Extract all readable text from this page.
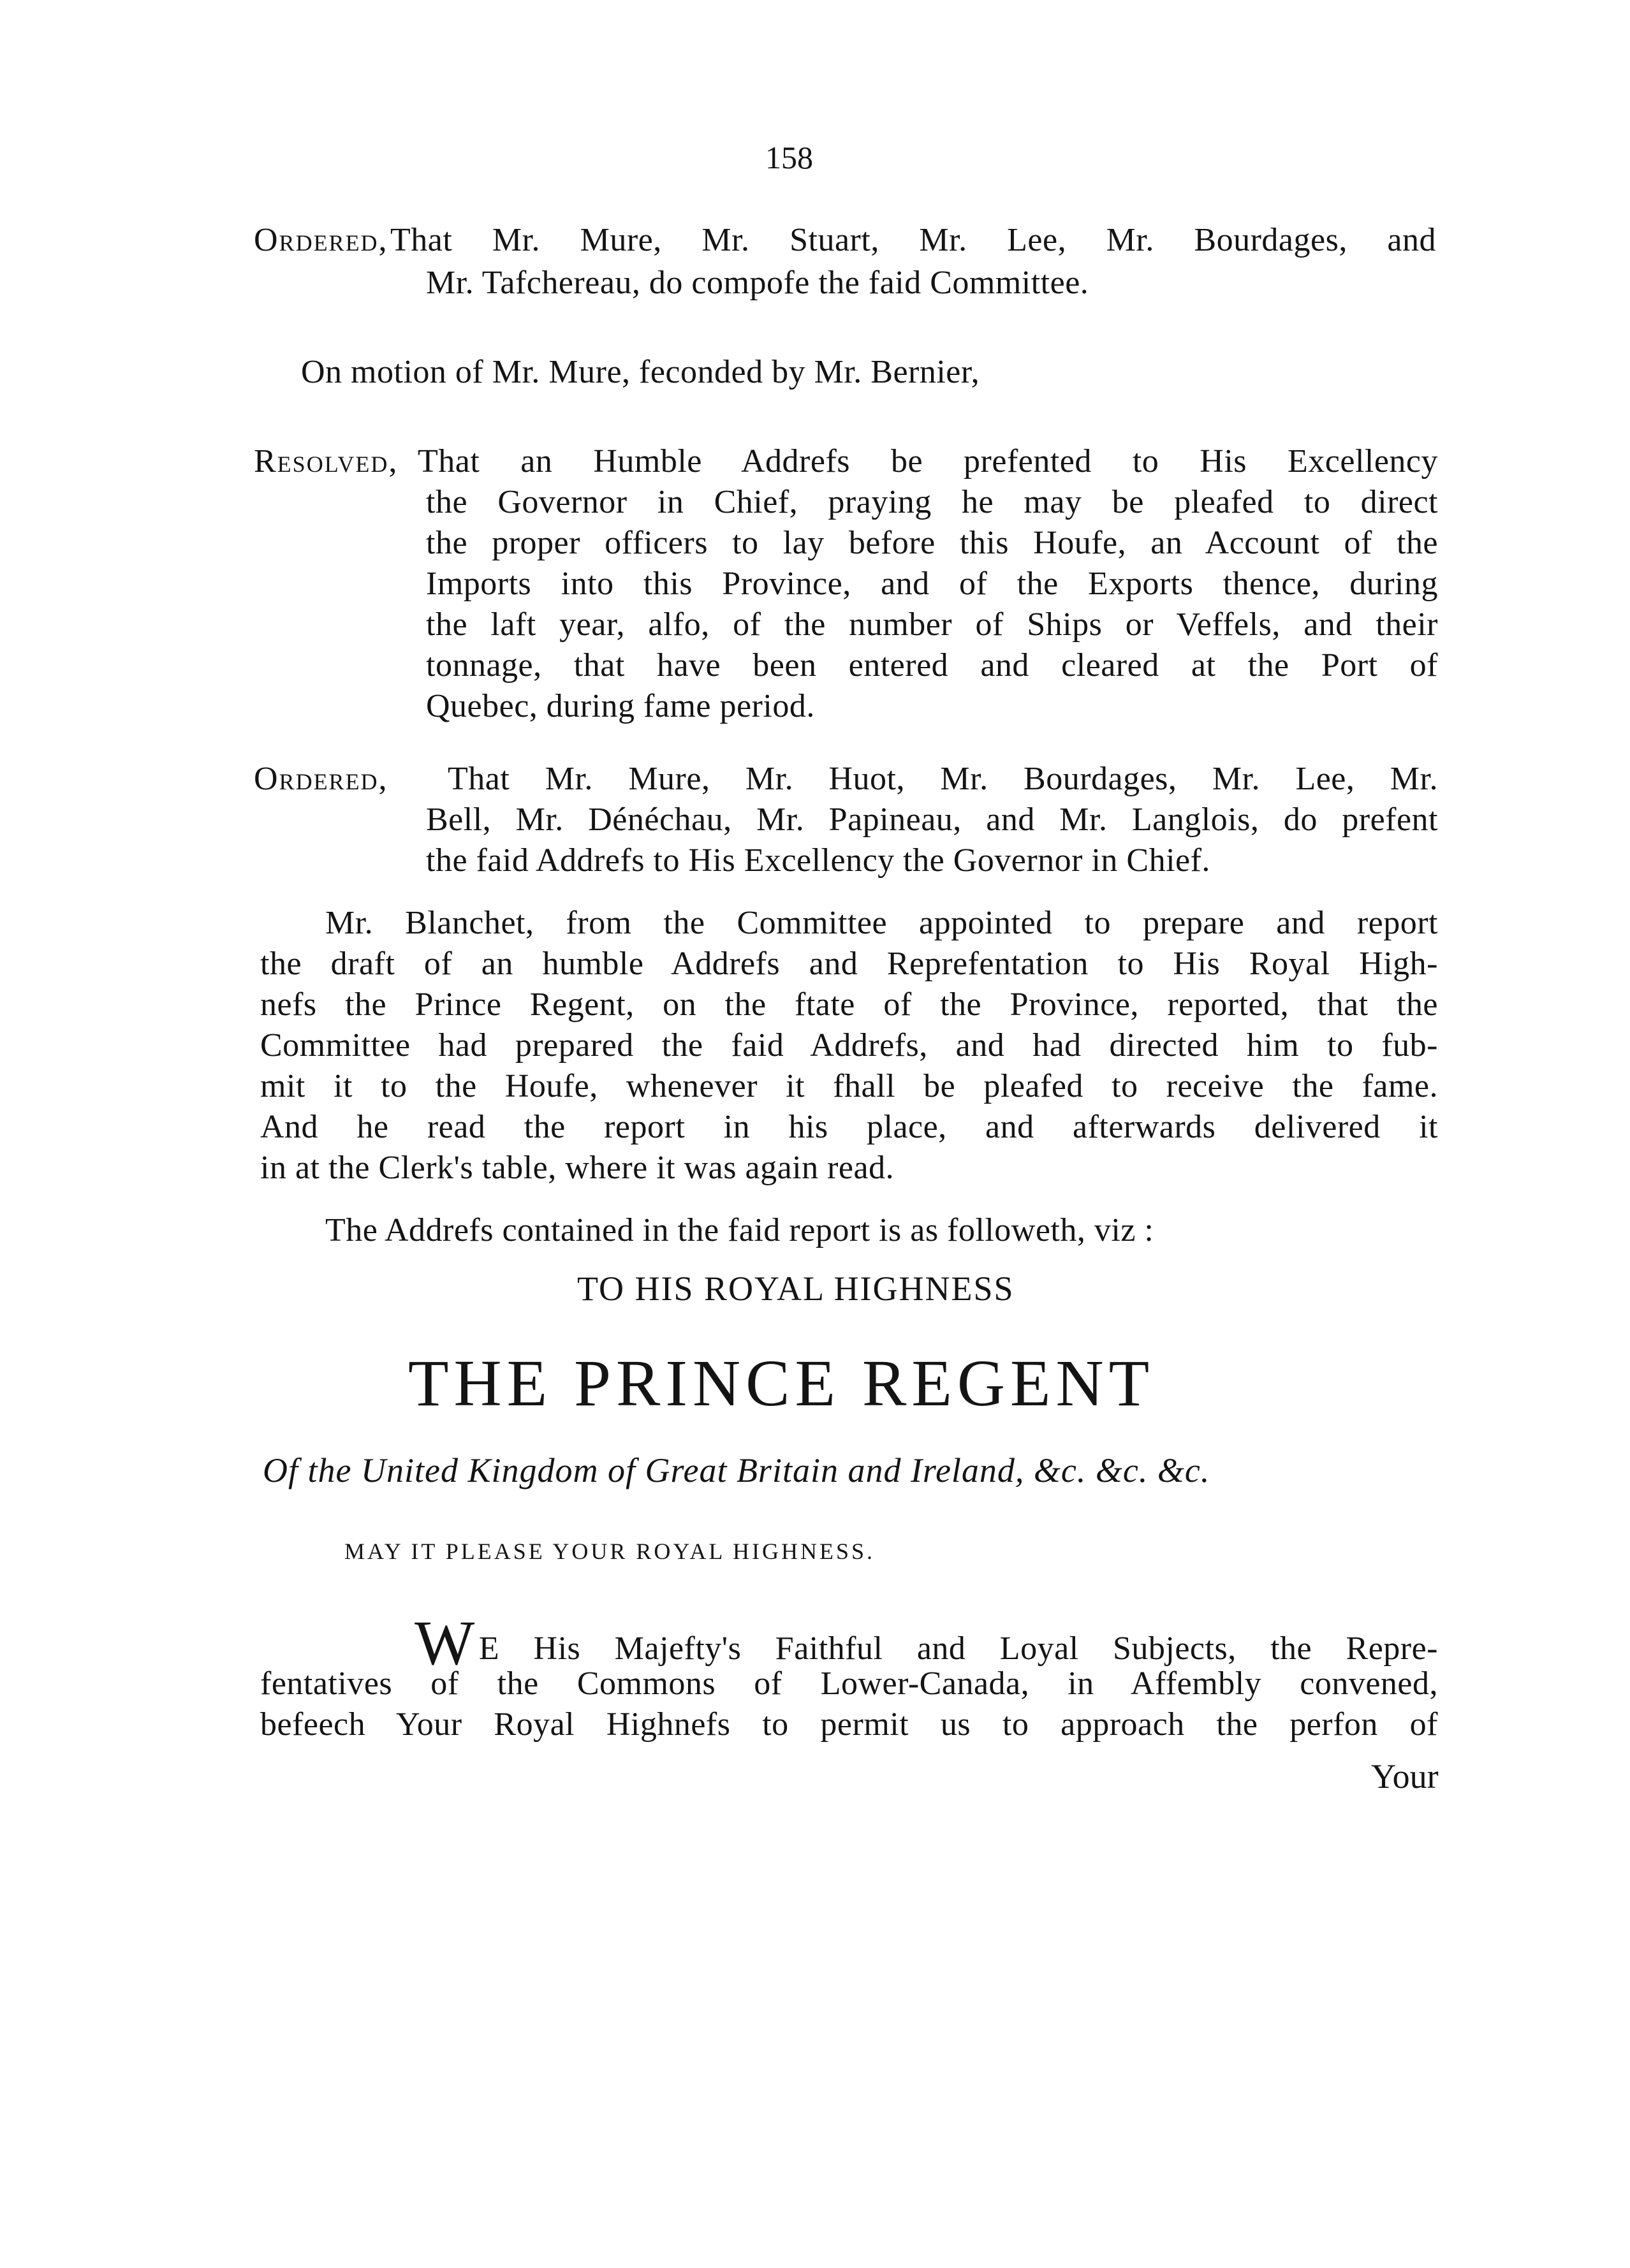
158
Ordered, That Mr. Mure, Mr. Stuart, Mr. Lee, Mr. Bourdages, and
Mr. Tafchereau, do compofe the faid Committee.
On motion of Mr. Mure, feconded by Mr. Bernier,
Resolved, That an Humble Addrefs be prefented to His Excellency
the Governor in Chief, praying he may be pleafed to direct
the proper officers to lay before this Houfe, an Account of the
Imports into this Province, and of the Exports thence, during
the laft year, alfo, of the number of Ships or Veffels, and their
tonnage, that have been entered and cleared at the Port of
Quebec, during fame period.
Ordered, That Mr. Mure, Mr. Huot, Mr. Bourdages, Mr. Lee, Mr.
Bell, Mr. Dénéchau, Mr. Papineau, and Mr. Langlois, do prefent
the faid Addrefs to His Excellency the Governor in Chief.
Mr. Blanchet, from the Committee appointed to prepare and report
the draft of an humble Addrefs and Reprefentation to His Royal High-
nefs the Prince Regent, on the ftate of the Province, reported, that the
Committee had prepared the faid Addrefs, and had directed him to fub-
mit it to the Houfe, whenever it fhall be pleafed to receive the fame.
And he read the report in his place, and afterwards delivered it
in at the Clerk's table, where it was again read.
The Addrefs contained in the faid report is as followeth, viz :
TO HIS ROYAL HIGHNESS
THE PRINCE REGENT
Of the United Kingdom of Great Britain and Ireland, &c. &c. &c.
MAY IT PLEASE YOUR ROYAL HIGHNESS.
W E His Majefty's Faithful and Loyal Subjects, the Repre-
fentatives of the Commons of Lower-Canada, in Affembly convened,
befeech Your Royal Highnefs to permit us to approach the perfon of
Your
